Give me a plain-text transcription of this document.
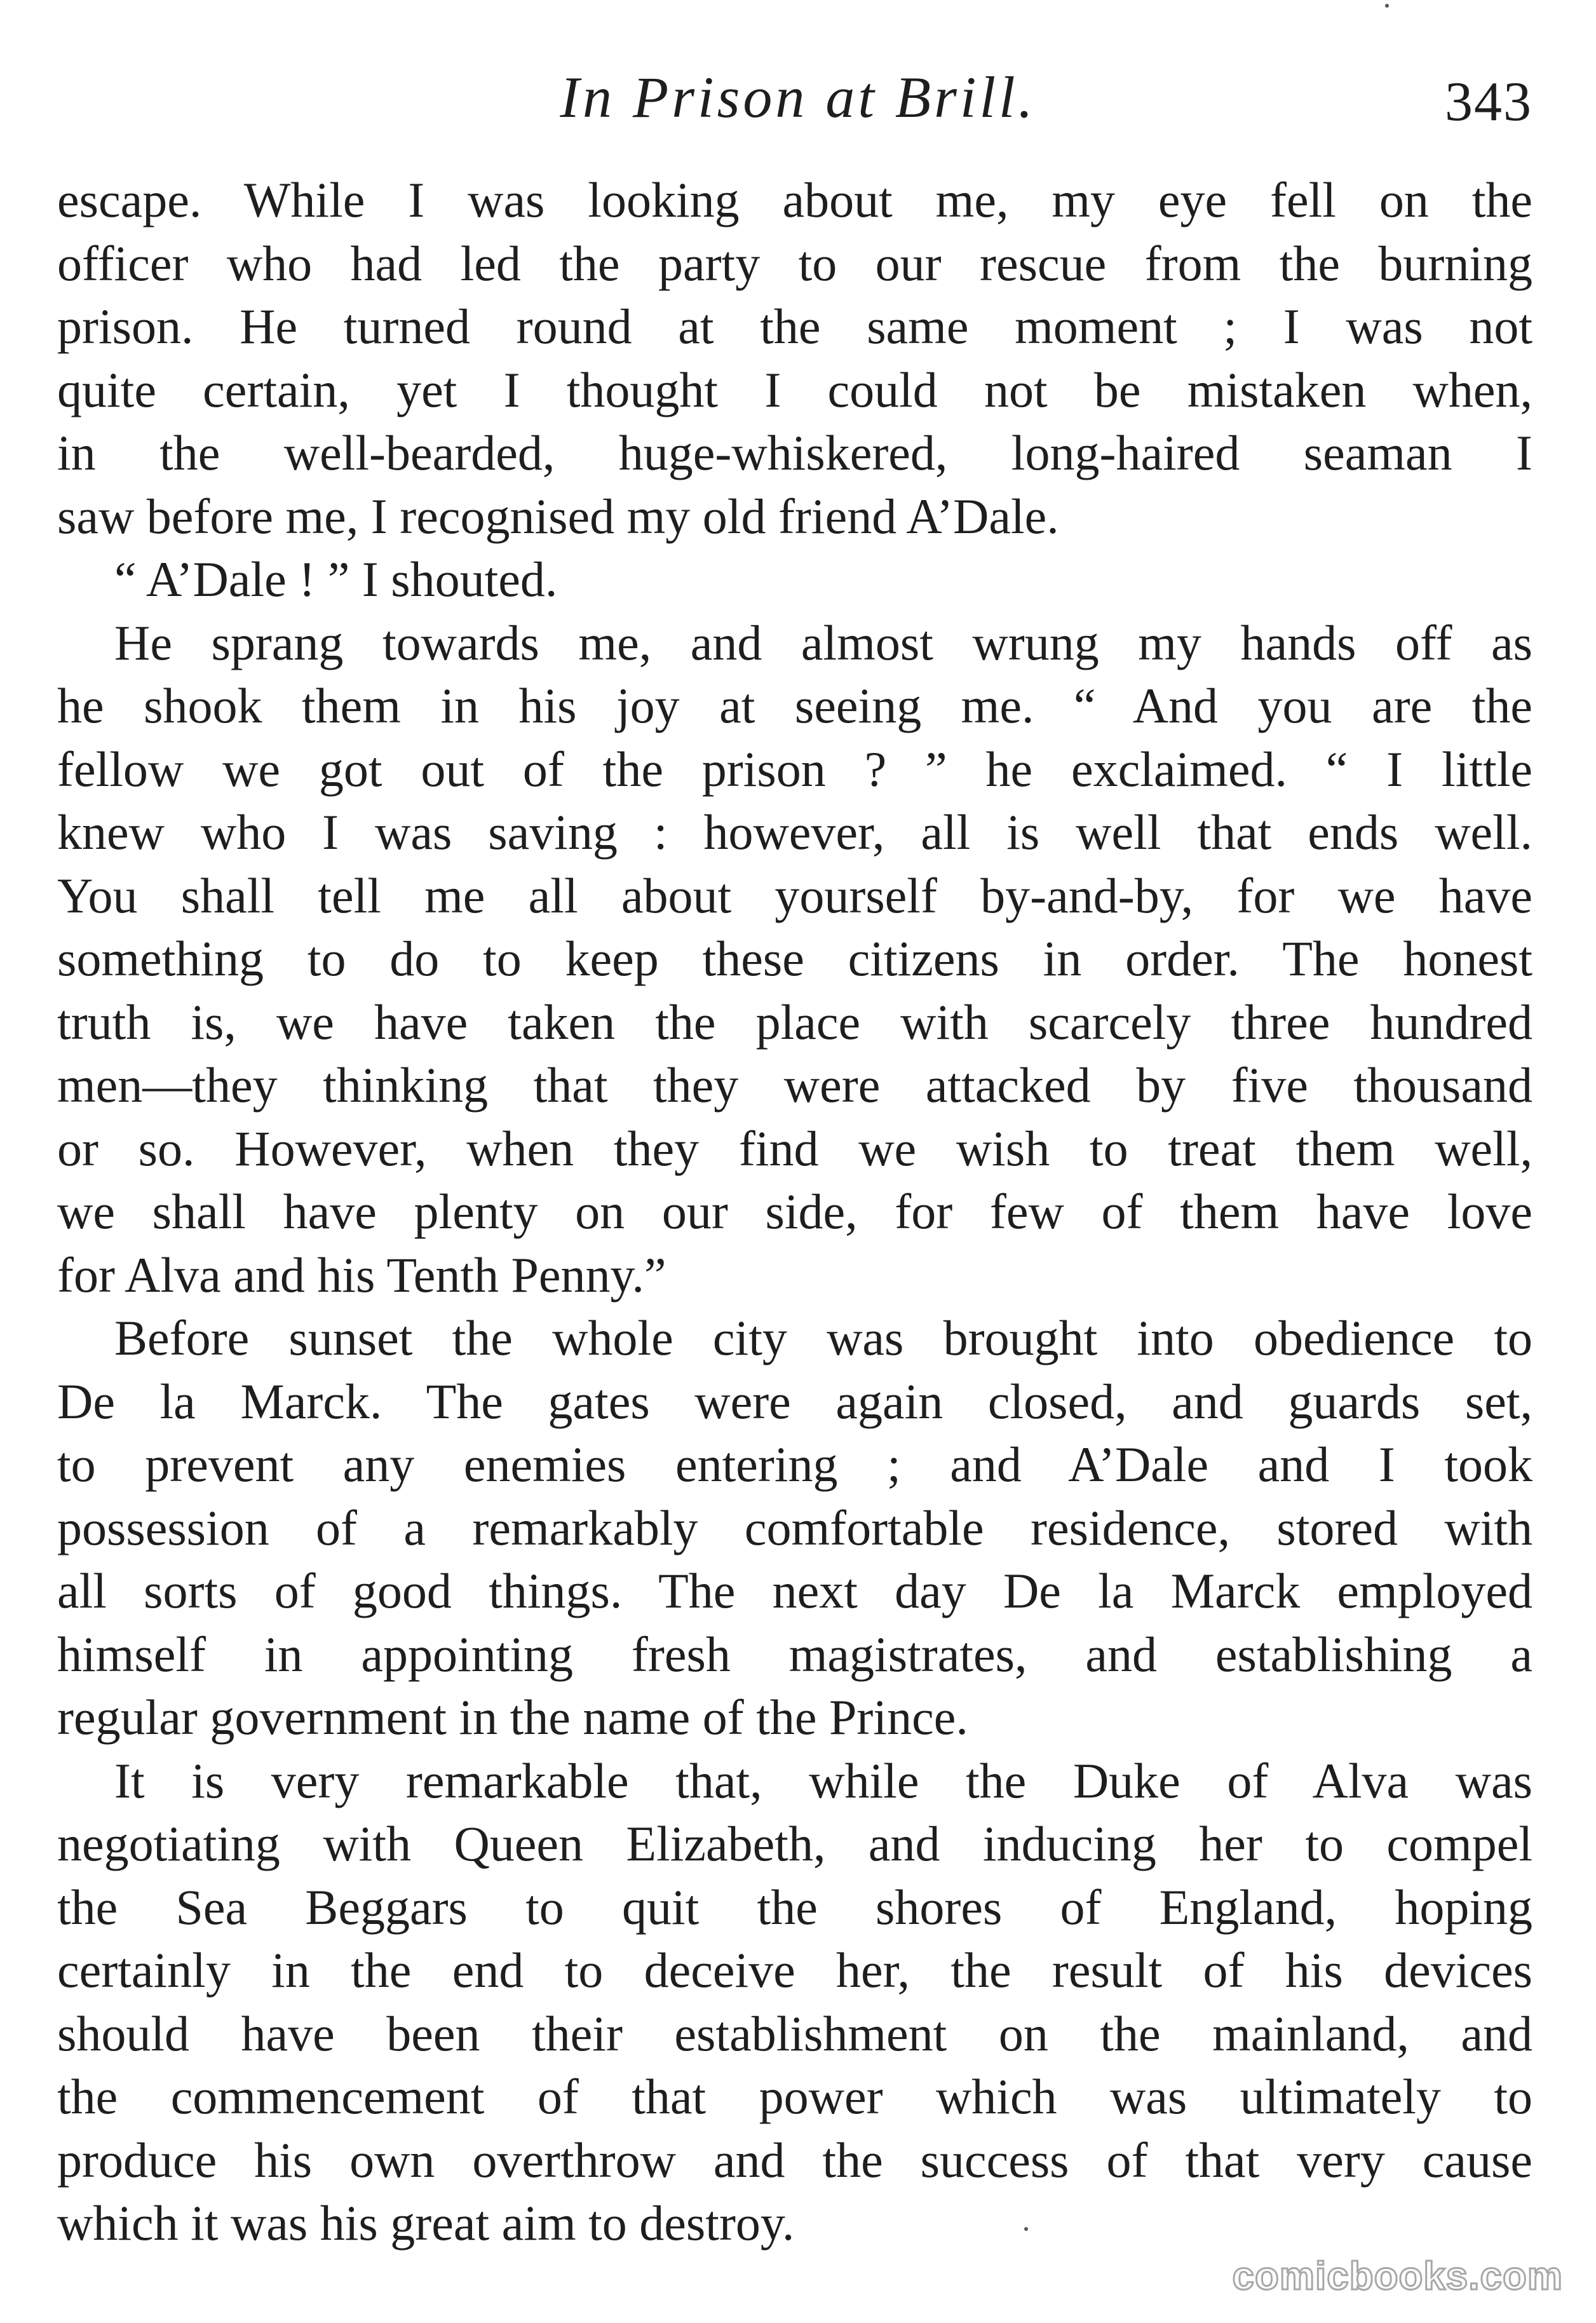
In Prison at Brill.	343
escape. While I was looking about me, my eye fell on the
officer who had led the party to our rescue from the burning
prison. He turned round at the same moment ; I was not
quite certain, yet I thought I could not be mistaken when,
in the well-bearded, huge-whiskered, long-haired seaman I
saw before me, I recognised my old friend A’Dale.
“ A’Dale ! ” I shouted.
He sprang towards me, and almost wrung my hands off as
he shook them in his joy at seeing me. “ And you are the
fellow we got out of the prison ? ” he exclaimed. “ I little
knew who I was saving : however, all is well that ends well.
You shall tell me all about yourself by-and-by, for we have
something to do to keep these citizens in order. The honest
truth is, we have taken the place with scarcely three hundred
men—they thinking that they were attacked by five thousand
or so. However, when they find we wish to treat them well,
we shall have plenty on our side, for few of them have love
for Alva and his Tenth Penny.”
Before sunset the whole city was brought into obedience to
De la Marck. The gates were again closed, and guards set,
to prevent any enemies entering ; and A’Dale and I took
possession of a remarkably comfortable residence, stored with
all sorts of good things. The next day De la Marck employed
himself in appointing fresh magistrates, and establishing a
regular government in the name of the Prince.
It is very remarkable that, while the Duke of Alva was
negotiating with Queen Elizabeth, and inducing her to compel
the Sea Beggars to quit the shores of England, hoping
certainly in the end to deceive her, the result of his devices
should have been their establishment on the mainland, and
the commencement of that power which was ultimately to
produce his own overthrow and the success of that very cause
which it was his great aim to destroy.
comicbooks.com
